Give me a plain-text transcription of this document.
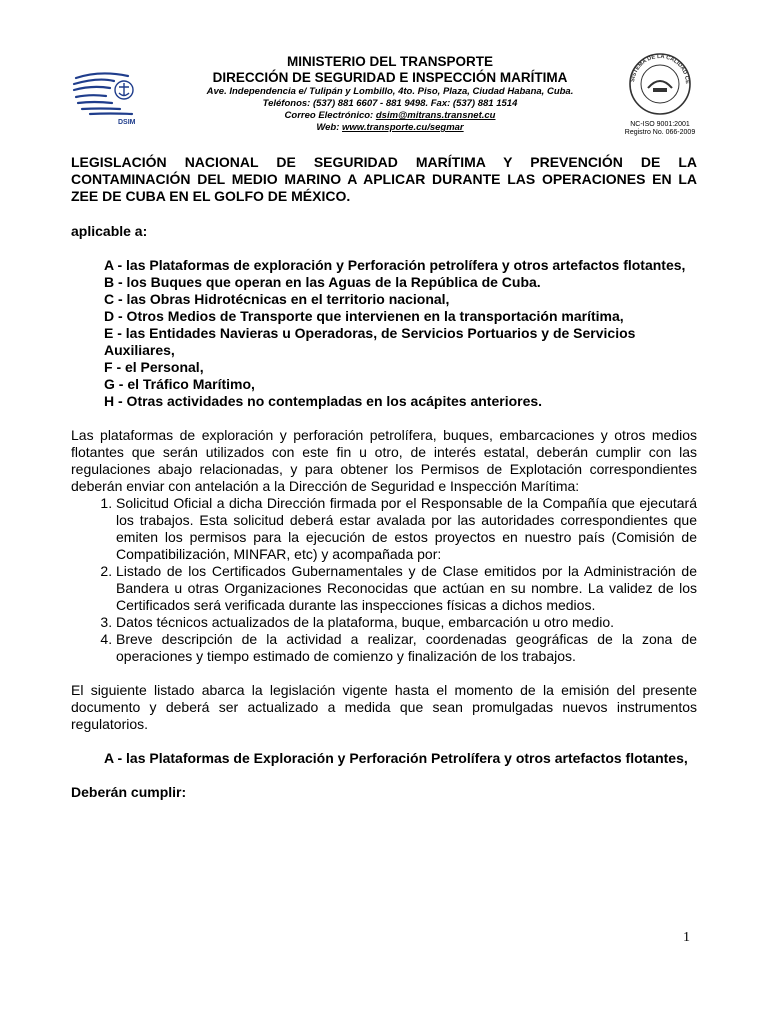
DSIM
MINISTERIO DEL TRANSPORTE
DIRECCIÓN DE SEGURIDAD E INSPECCIÓN MARÍTIMA
Ave. Independencia e/ Tulipán y Lombillo, 4to. Piso, Plaza, Ciudad Habana, Cuba.
Teléfonos: (537) 881 6607 - 881 9498. Fax: (537) 881 1514
Correo Electrónico: dsim@mitrans.transnet.cu
Web: www.transporte.cu/segmar
SISTEMA DE LA CALIDAD CE
NC-ISO 9001:2001
Registro No. 066-2009

LEGISLACIÓN NACIONAL DE SEGURIDAD MARÍTIMA Y PREVENCIÓN DE LA CONTAMINACIÓN DEL MEDIO MARINO A APLICAR DURANTE LAS OPERACIONES EN LA ZEE DE CUBA EN EL GOLFO DE MÉXICO.

aplicable a:

A - las Plataformas de exploración y Perforación petrolífera y otros artefactos flotantes,
B - los Buques que operan en las Aguas de la República de Cuba.
C - las Obras Hidrotécnicas en el territorio nacional,
D - Otros Medios de Transporte que intervienen en la transportación marítima,
E - las Entidades Navieras u Operadoras, de Servicios Portuarios y de Servicios Auxiliares,
F - el Personal,
G - el Tráfico Marítimo,
H - Otras actividades no contempladas en los acápites anteriores.

Las plataformas de exploración y perforación petrolífera, buques, embarcaciones y otros medios flotantes que serán utilizados con este fin u otro, de interés estatal, deberán cumplir con las regulaciones abajo relacionadas, y para obtener los Permisos de Explotación correspondientes deberán enviar con antelación a la Dirección de Seguridad e Inspección Marítima:

1. Solicitud Oficial a dicha Dirección firmada por el Responsable de la Compañía que ejecutará los trabajos. Esta solicitud deberá estar avalada por las autoridades correspondientes que emiten los permisos para la ejecución de estos proyectos en nuestro país (Comisión de Compatibilización, MINFAR, etc) y acompañada por:
2. Listado de los Certificados Gubernamentales y de Clase emitidos por la Administración de Bandera u otras Organizaciones Reconocidas que actúan en su nombre. La validez de los Certificados será verificada durante las inspecciones físicas a dichos medios.
3. Datos técnicos actualizados de la plataforma, buque, embarcación u otro medio.
4. Breve descripción de la actividad a realizar, coordenadas geográficas de la zona de operaciones y tiempo estimado de comienzo y finalización de los trabajos.

El siguiente listado abarca la legislación vigente hasta el momento de la emisión del presente documento y deberá ser actualizado a medida que sean promulgadas nuevos instrumentos regulatorios.

A - las Plataformas de Exploración y Perforación Petrolífera y otros artefactos flotantes,

Deberán cumplir:

1
